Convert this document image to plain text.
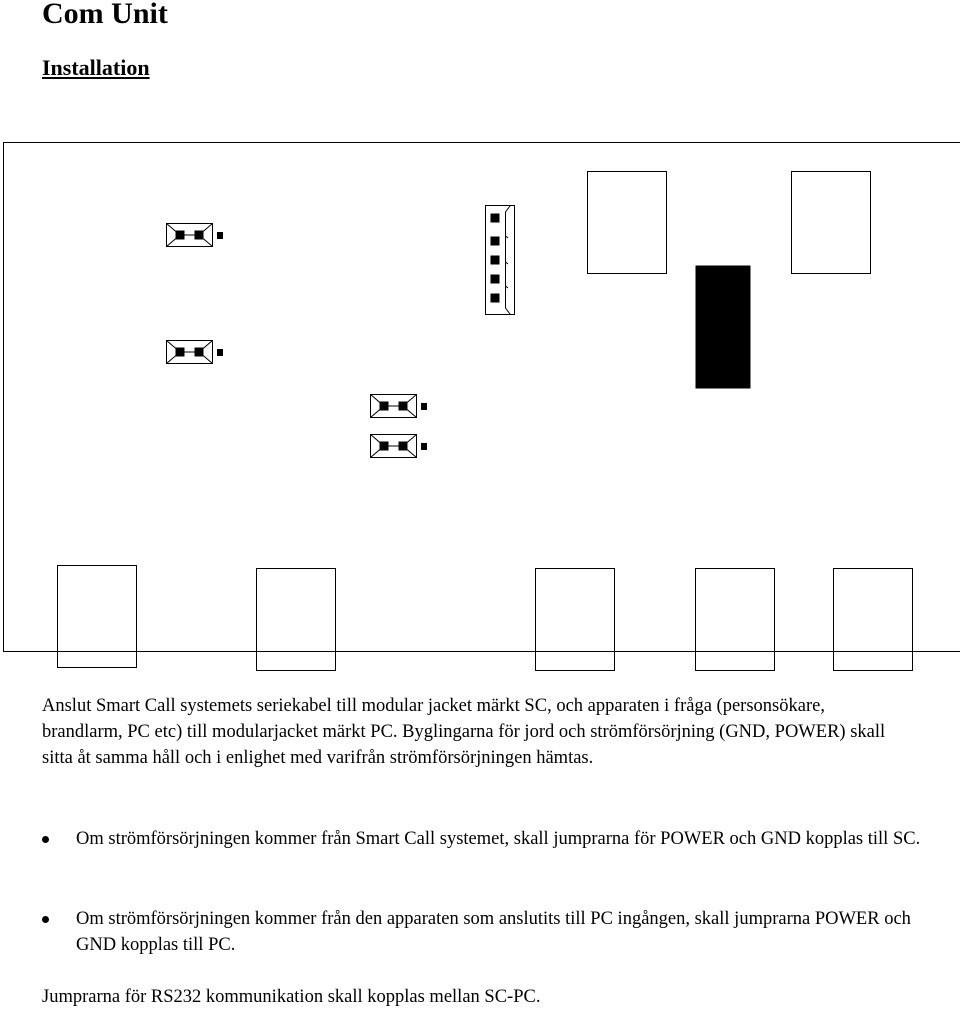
Com Unit
Installation
Anslut Smart Call systemets seriekabel till modular jacket märkt SC, och apparaten i fråga (personsökare, brandlarm, PC etc) till modularjacket märkt PC. Byglingarna för jord och strömförsörjning (GND, POWER) skall sitta åt samma håll och i enlighet med varifrån strömförsörjningen hämtas.
Om strömförsörjningen kommer från Smart Call systemet, skall jumprarna för POWER och GND kopplas till SC.
Om strömförsörjningen kommer från den apparaten som anslutits till PC ingången, skall jumprarna POWER och GND kopplas till PC.
Jumprarna för RS232 kommunikation skall kopplas mellan SC-PC.
